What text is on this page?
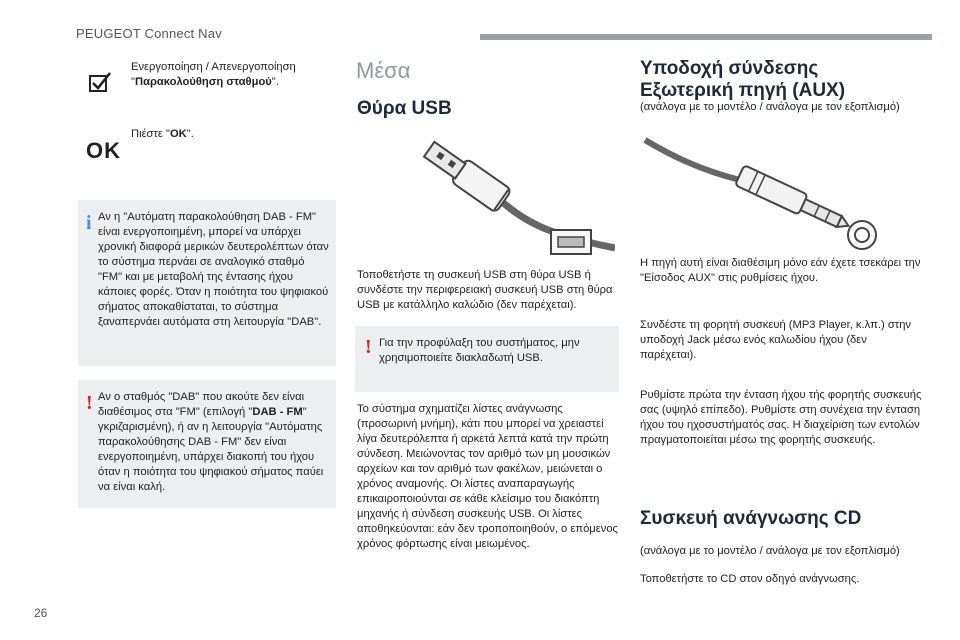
PEUGEOT Connect Nav
26
Ενεργοποίηση / Απενεργοποίηση
"Παρακολούθηση σταθμού".
OK
Πιέστε "OK".
i Αν η "Αυτόματη παρακολούθηση DAB - FM" είναι ενεργοποιημένη, μπορεί να υπάρχει χρονική διαφορά μερικών δευτερολέπτων όταν το σύστημα περνάει σε αναλογικό σταθμό "FM" και με μεταβολή της έντασης ήχου κάποιες φορές. Όταν η ποιότητα του ψηφιακού σήματος αποκαθίσταται, το σύστημα ξαναπερνάει αυτόματα στη λειτουργία "DAB".
! Αν ο σταθμός "DAB" που ακούτε δεν είναι διαθέσιμος στα "FM" (επιλογή "DAB - FM" γκριζαρισμένη), ή αν η λειτουργία "Αυτόματης παρακολούθησης DAB - FM" δεν είναι ενεργοποιημένη, υπάρχει διακοπή του ήχου όταν η ποιότητα του ψηφιακού σήματος παύει να είναι καλή.
Μέσα
Θύρα USB
Τοποθετήστε τη συσκευή USB στη θύρα USB ή συνδέστε την περιφερειακή συσκευή USB στη θύρα USB με κατάλληλο καλώδιο (δεν παρέχεται).
! Για την προφύλαξη του συστήματος, μην χρησιμοποιείτε διακλαδωτή USB.
Το σύστημα σχηματίζει λίστες ανάγνωσης (προσωρινή μνήμη), κάτι που μπορεί να χρειαστεί λίγα δευτερόλεπτα ή αρκετά λεπτά κατά την πρώτη σύνδεση. Μειώνοντας τον αριθμό των μη μουσικών αρχείων και τον αριθμό των φακέλων, μειώνεται ο χρόνος αναμονής. Οι λίστες αναπαραγωγής επικαιροποιούνται σε κάθε κλείσιμο του διακόπτη μηχανής ή σύνδεση συσκευής USB. Οι λίστες αποθηκεύονται: εάν δεν τροποποιηθούν, ο επόμενος χρόνος φόρτωσης είναι μειωμένος.
Υποδοχή σύνδεσης
Εξωτερική πηγή (AUX)
(ανάλογα με το μοντέλο / ανάλογα με τον εξοπλισμό)
Η πηγή αυτή είναι διαθέσιμη μόνο εάν έχετε τσεκάρει την "Είσοδος AUX" στις ρυθμίσεις ήχου.
Συνδέστε τη φορητή συσκευή (MP3 Player, κ.λπ.) στην υποδοχή Jack μέσω ενός καλωδίου ήχου (δεν παρέχεται).
Ρυθμίστε πρώτα την ένταση ήχου τής φορητής συσκευής σας (υψηλό επίπεδο). Ρυθμίστε στη συνέχεια την ένταση ήχου του ηχοσυστήματός σας. Η διαχείριση των εντολών πραγματοποιείται μέσω της φορητής συσκευής.
Συσκευή ανάγνωσης CD
(ανάλογα με το μοντέλο / ανάλογα με τον εξοπλισμό)
Τοποθετήστε το CD στον οδηγό ανάγνωσης.
